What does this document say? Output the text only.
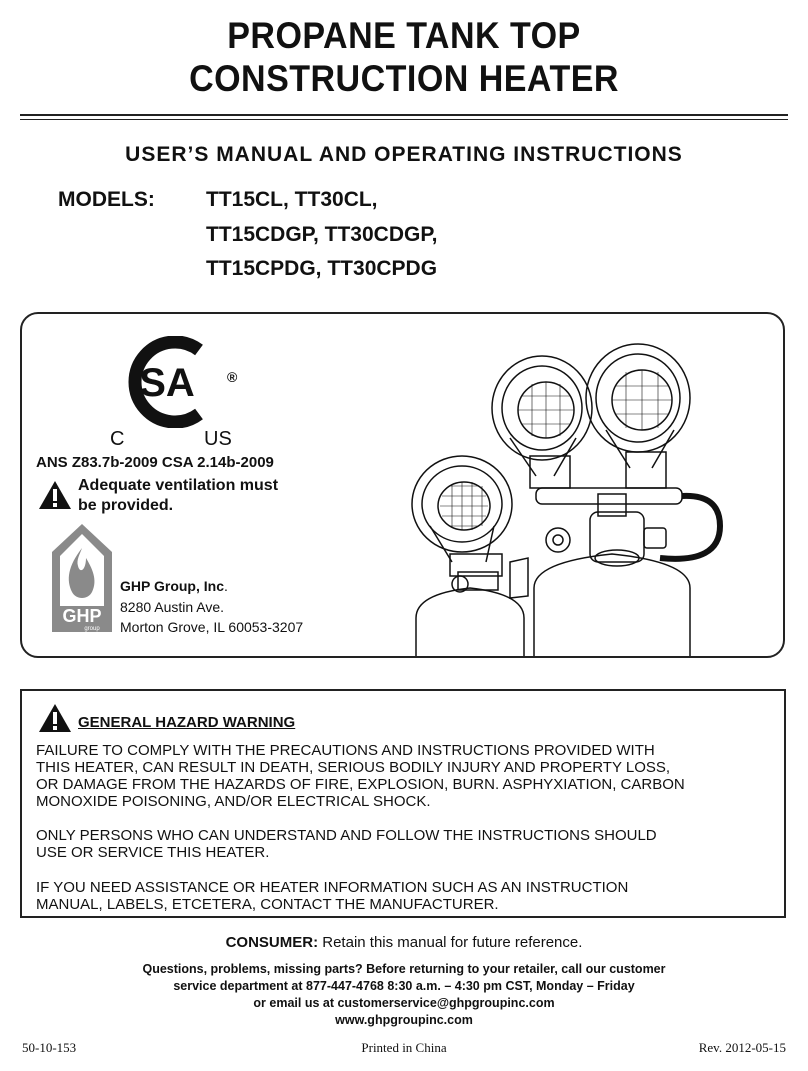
PROPANE TANK TOP
CONSTRUCTION HEATER
USER’S MANUAL AND OPERATING INSTRUCTIONS
MODELS: TT15CL, TT30CL,
TT15CDGP, TT30CDGP,
TT15CPDG, TT30CPDG
SA ®
C	US
ANS Z83.7b-2009 CSA 2.14b-2009
Adequate ventilation must
be provided.
GHP
group
GHP Group, Inc.
8280 Austin Ave.
Morton Grove, IL 60053-3207
GENERAL HAZARD WARNING
FAILURE TO COMPLY WITH THE PRECAUTIONS AND INSTRUCTIONS PROVIDED WITH
THIS HEATER, CAN RESULT IN DEATH, SERIOUS BODILY INJURY AND PROPERTY LOSS,
OR DAMAGE FROM THE HAZARDS OF FIRE, EXPLOSION, BURN. ASPHYXIATION, CARBON
MONOXIDE POISONING, AND/OR ELECTRICAL SHOCK.
ONLY PERSONS WHO CAN UNDERSTAND AND FOLLOW THE INSTRUCTIONS SHOULD
USE OR SERVICE THIS HEATER.
IF YOU NEED ASSISTANCE OR HEATER INFORMATION SUCH AS AN INSTRUCTION
MANUAL, LABELS, ETCETERA, CONTACT THE MANUFACTURER.
CONSUMER: Retain this manual for future reference.
Questions, problems, missing parts? Before returning to your retailer, call our customer
service department at 877-447-4768 8:30 a.m. – 4:30 pm CST, Monday – Friday
or email us at customerservice@ghpgroupinc.com
www.ghpgroupinc.com
50-10-153	Printed in China	Rev. 2012-05-15
